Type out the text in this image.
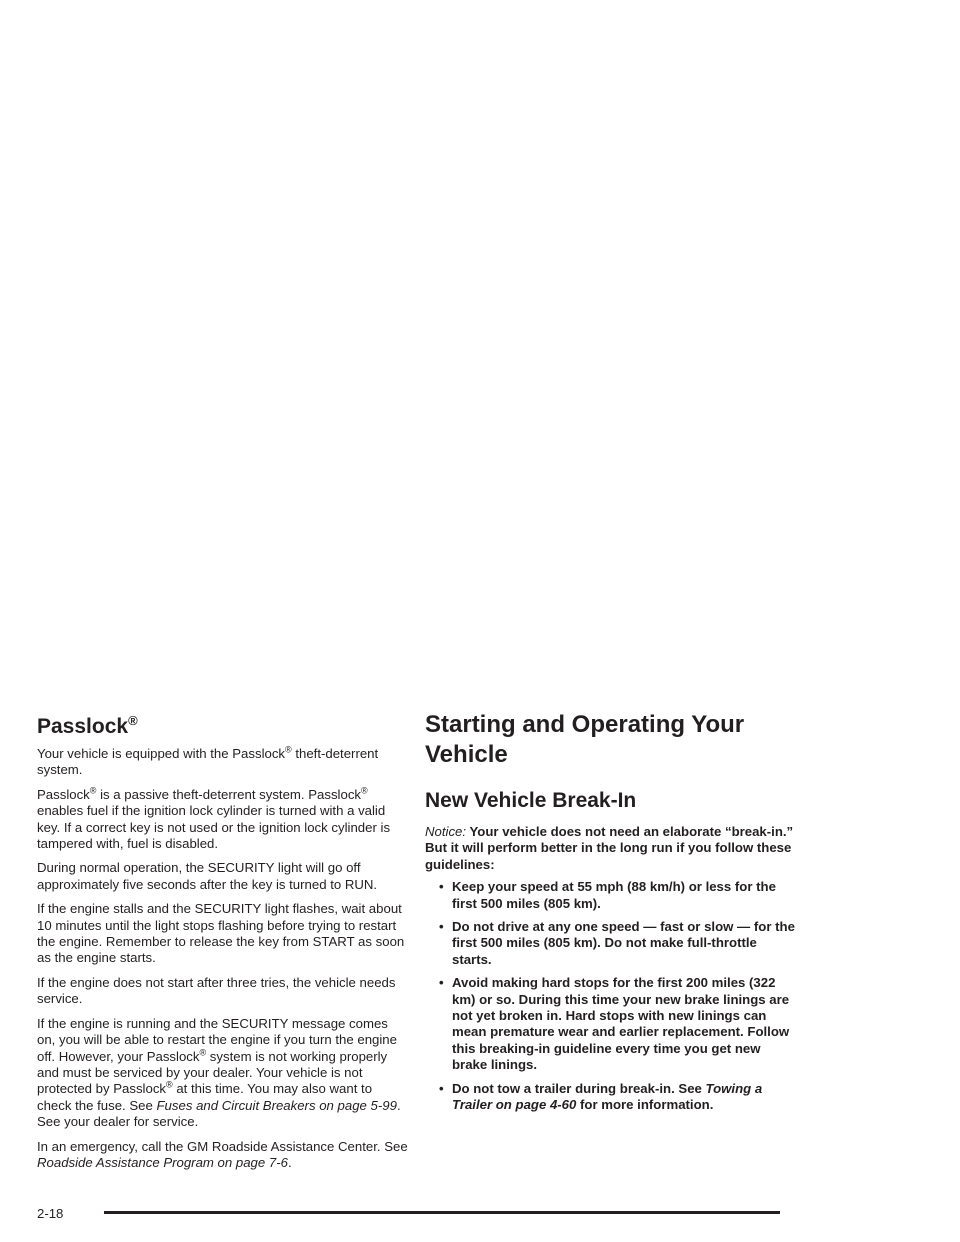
Passlock®

Your vehicle is equipped with the Passlock® theft-deterrent system.

Passlock® is a passive theft-deterrent system. Passlock® enables fuel if the ignition lock cylinder is turned with a valid key. If a correct key is not used or the ignition lock cylinder is tampered with, fuel is disabled.

During normal operation, the SECURITY light will go off approximately five seconds after the key is turned to RUN.

If the engine stalls and the SECURITY light flashes, wait about 10 minutes until the light stops flashing before trying to restart the engine. Remember to release the key from START as soon as the engine starts.

If the engine does not start after three tries, the vehicle needs service.

If the engine is running and the SECURITY message comes on, you will be able to restart the engine if you turn the engine off. However, your Passlock® system is not working properly and must be serviced by your dealer. Your vehicle is not protected by Passlock® at this time. You may also want to check the fuse. See Fuses and Circuit Breakers on page 5-99. See your dealer for service.

In an emergency, call the GM Roadside Assistance Center. See Roadside Assistance Program on page 7-6.

Starting and Operating Your Vehicle
New Vehicle Break-In

Notice: Your vehicle does not need an elaborate “break-in.” But it will perform better in the long run if you follow these guidelines:

• Keep your speed at 55 mph (88 km/h) or less for the first 500 miles (805 km).
• Do not drive at any one speed — fast or slow — for the first 500 miles (805 km). Do not make full-throttle starts.
• Avoid making hard stops for the first 200 miles (322 km) or so. During this time your new brake linings are not yet broken in. Hard stops with new linings can mean premature wear and earlier replacement. Follow this breaking-in guideline every time you get new brake linings.
• Do not tow a trailer during break-in. See Towing a Trailer on page 4-60 for more information.
2-18
